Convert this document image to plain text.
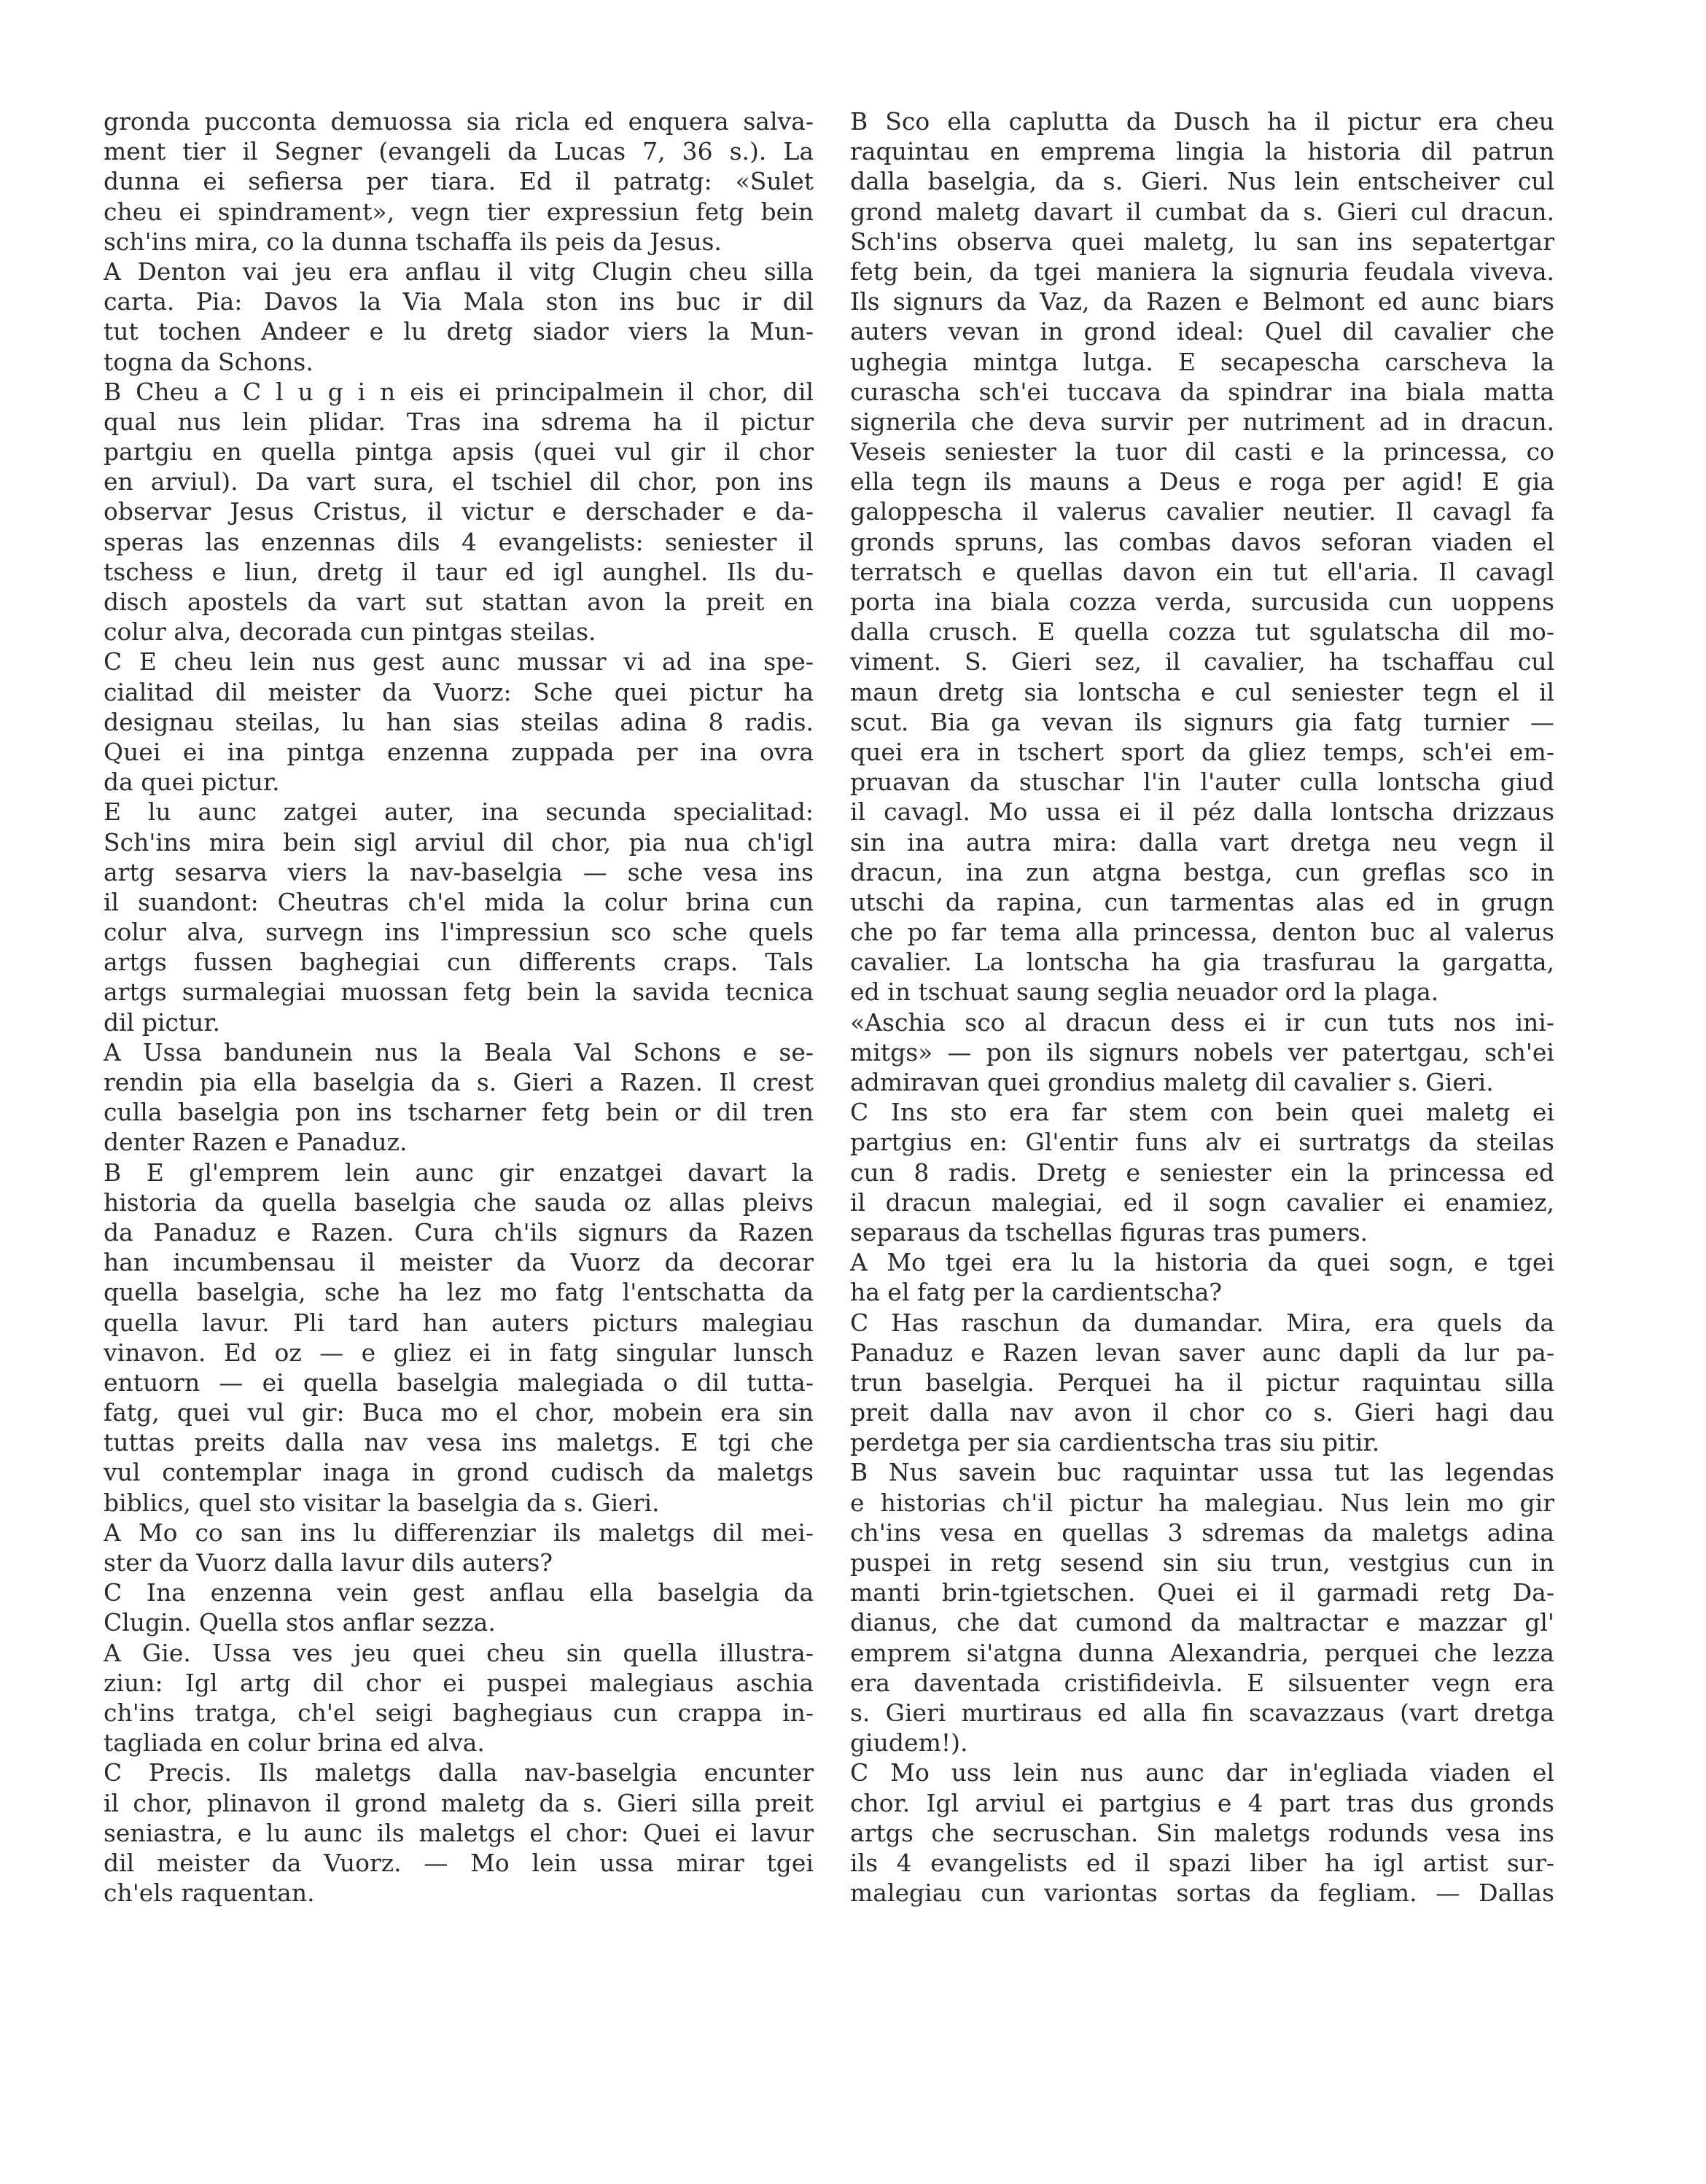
gronda pucconta demuossa sia ricla ed enquera salva-
ment tier il Segner (evangeli da Lucas 7, 36 s.). La
dunna ei sefiersa per tiara. Ed il patratg: «Sulet
cheu ei spindrament», vegn tier expressiun fetg bein
sch'ins mira, co la dunna tschaffa ils peis da Jesus.
A Denton vai jeu era anflau il vitg Clugin cheu silla
carta. Pia: Davos la Via Mala ston ins buc ir dil
tut tochen Andeer e lu dretg siador viers la Mun-
togna da Schons.
B Cheu a C l u g i n eis ei principalmein il chor, dil
qual nus lein plidar. Tras ina sdrema ha il pictur
partgiu en quella pintga apsis (quei vul gir il chor
en arviul). Da vart sura, el tschiel dil chor, pon ins
observar Jesus Cristus, il victur e derschader e da-
speras las enzennas dils 4 evangelists: seniester il
tschess e liun, dretg il taur ed igl aunghel. Ils du-
disch apostels da vart sut stattan avon la preit en
colur alva, decorada cun pintgas steilas.
C E cheu lein nus gest aunc mussar vi ad ina spe-
cialitad dil meister da Vuorz: Sche quei pictur ha
designau steilas, lu han sias steilas adina 8 radis.
Quei ei ina pintga enzenna zuppada per ina ovra
da quei pictur.
E lu aunc zatgei auter, ina secunda specialitad:
Sch'ins mira bein sigl arviul dil chor, pia nua ch'igl
artg sesarva viers la nav-baselgia — sche vesa ins
il suandont: Cheutras ch'el mida la colur brina cun
colur alva, survegn ins l'impressiun sco sche quels
artgs fussen baghegiai cun differents craps. Tals
artgs surmalegiai muossan fetg bein la savida tecnica
dil pictur.
A Ussa bandunein nus la Beala Val Schons e se-
rendin pia ella baselgia da s. Gieri a Razen. Il crest
culla baselgia pon ins tscharner fetg bein or dil tren
denter Razen e Panaduz.
B E gl'emprem lein aunc gir enzatgei davart la
historia da quella baselgia che sauda oz allas pleivs
da Panaduz e Razen. Cura ch'ils signurs da Razen
han incumbensau il meister da Vuorz da decorar
quella baselgia, sche ha lez mo fatg l'entschatta da
quella lavur. Pli tard han auters picturs malegiau
vinavon. Ed oz — e gliez ei in fatg singular lunsch
entuorn — ei quella baselgia malegiada o dil tutta-
fatg, quei vul gir: Buca mo el chor, mobein era sin
tuttas preits dalla nav vesa ins maletgs. E tgi che
vul contemplar inaga in grond cudisch da maletgs
biblics, quel sto visitar la baselgia da s. Gieri.
A Mo co san ins lu differenziar ils maletgs dil mei-
ster da Vuorz dalla lavur dils auters?
C Ina enzenna vein gest anflau ella baselgia da
Clugin. Quella stos anflar sezza.
A Gie. Ussa ves jeu quei cheu sin quella illustra-
ziun: Igl artg dil chor ei puspei malegiaus aschia
ch'ins tratga, ch'el seigi baghegiaus cun crappa in-
tagliada en colur brina ed alva.
C Precis. Ils maletgs dalla nav-baselgia encunter
il chor, plinavon il grond maletg da s. Gieri silla preit
seniastra, e lu aunc ils maletgs el chor: Quei ei lavur
dil meister da Vuorz. — Mo lein ussa mirar tgei
ch'els raquentan.
B Sco ella caplutta da Dusch ha il pictur era cheu
raquintau en emprema lingia la historia dil patrun
dalla baselgia, da s. Gieri. Nus lein entscheiver cul
grond maletg davart il cumbat da s. Gieri cul dracun.
Sch'ins observa quei maletg, lu san ins sepatertgar
fetg bein, da tgei maniera la signuria feudala viveva.
Ils signurs da Vaz, da Razen e Belmont ed aunc biars
auters vevan in grond ideal: Quel dil cavalier che
ughegia mintga lutga. E secapescha carscheva la
curascha sch'ei tuccava da spindrar ina biala matta
signerila che deva survir per nutriment ad in dracun.
Veseis seniester la tuor dil casti e la princessa, co
ella tegn ils mauns a Deus e roga per agid! E gia
galoppescha il valerus cavalier neutier. Il cavagl fa
gronds spruns, las combas davos seforan viaden el
terratsch e quellas davon ein tut ell'aria. Il cavagl
porta ina biala cozza verda, surcusida cun uoppens
dalla crusch. E quella cozza tut sgulatscha dil mo-
viment. S. Gieri sez, il cavalier, ha tschaffau cul
maun dretg sia lontscha e cul seniester tegn el il
scut. Bia ga vevan ils signurs gia fatg turnier —
quei era in tschert sport da gliez temps, sch'ei em-
pruavan da stuschar l'in l'auter culla lontscha giud
il cavagl. Mo ussa ei il péz dalla lontscha drizzaus
sin ina autra mira: dalla vart dretga neu vegn il
dracun, ina zun atgna bestga, cun greflas sco in
utschi da rapina, cun tarmentas alas ed in grugn
che po far tema alla princessa, denton buc al valerus
cavalier. La lontscha ha gia trasfurau la gargatta,
ed in tschuat saung seglia neuador ord la plaga.
«Aschia sco al dracun dess ei ir cun tuts nos ini-
mitgs» — pon ils signurs nobels ver patertgau, sch'ei
admiravan quei grondius maletg dil cavalier s. Gieri.
C Ins sto era far stem con bein quei maletg ei
partgius en: Gl'entir funs alv ei surtratgs da steilas
cun 8 radis. Dretg e seniester ein la princessa ed
il dracun malegiai, ed il sogn cavalier ei enamiez,
separaus da tschellas figuras tras pumers.
A Mo tgei era lu la historia da quei sogn, e tgei
ha el fatg per la cardientscha?
C Has raschun da dumandar. Mira, era quels da
Panaduz e Razen levan saver aunc dapli da lur pa-
trun baselgia. Perquei ha il pictur raquintau silla
preit dalla nav avon il chor co s. Gieri hagi dau
perdetga per sia cardientscha tras siu pitir.
B Nus savein buc raquintar ussa tut las legendas
e historias ch'il pictur ha malegiau. Nus lein mo gir
ch'ins vesa en quellas 3 sdremas da maletgs adina
puspei in retg sesend sin siu trun, vestgius cun in
manti brin-tgietschen. Quei ei il garmadi retg Da-
dianus, che dat cumond da maltractar e mazzar gl'
emprem si'atgna dunna Alexandria, perquei che lezza
era daventada cristifideivla. E silsuenter vegn era
s. Gieri murtiraus ed alla fin scavazzaus (vart dretga
giudem!).
C Mo uss lein nus aunc dar in'egliada viaden el
chor. Igl arviul ei partgius e 4 part tras dus gronds
artgs che secruschan. Sin maletgs rodunds vesa ins
ils 4 evangelists ed il spazi liber ha igl artist sur-
malegiau cun variontas sortas da fegliam. — Dallas
